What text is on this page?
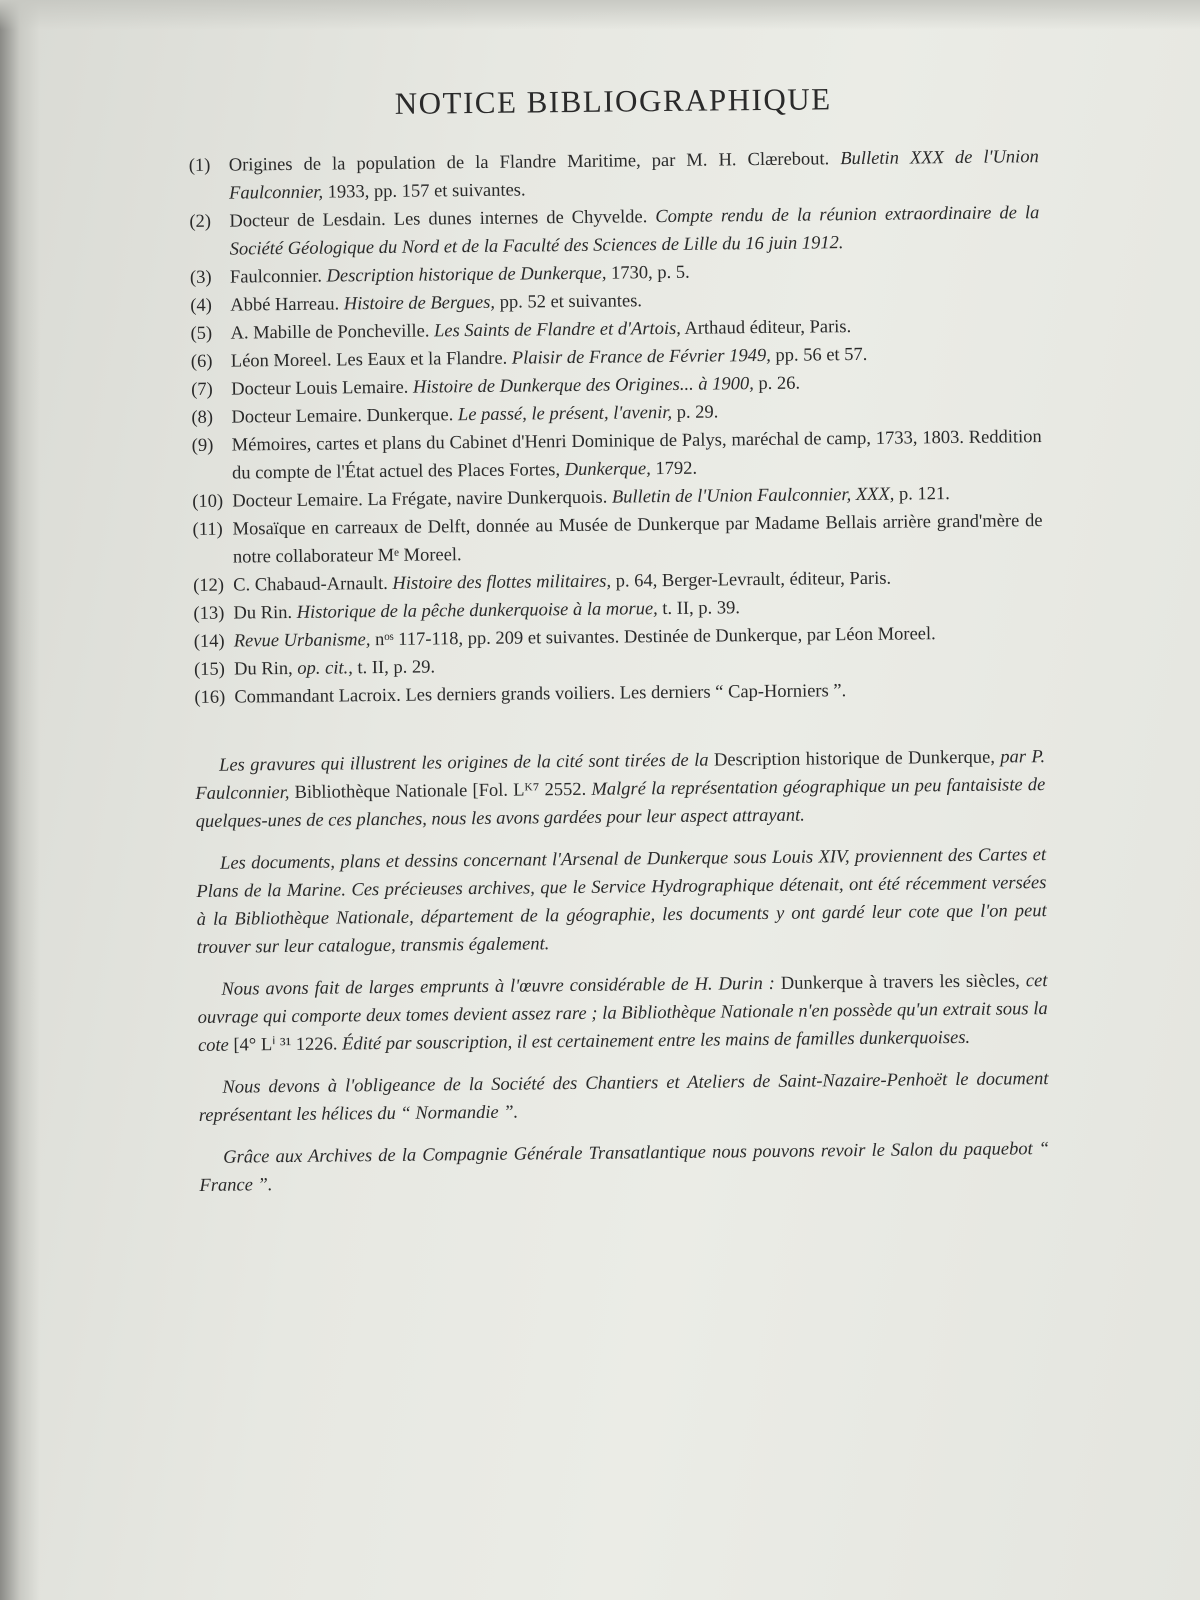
NOTICE BIBLIOGRAPHIQUE
(1) Origines de la population de la Flandre Maritime, par M. H. Clærebout. Bulletin XXX de l'Union Faulconnier, 1933, pp. 157 et suivantes.
(2) Docteur de Lesdain. Les dunes internes de Chyvelde. Compte rendu de la réunion extraordinaire de la Société Géologique du Nord et de la Faculté des Sciences de Lille du 16 juin 1912.
(3) Faulconnier. Description historique de Dunkerque, 1730, p. 5.
(4) Abbé Harreau. Histoire de Bergues, pp. 52 et suivantes.
(5) A. Mabille de Poncheville. Les Saints de Flandre et d'Artois, Arthaud éditeur, Paris.
(6) Léon Moreel. Les Eaux et la Flandre. Plaisir de France de Février 1949, pp. 56 et 57.
(7) Docteur Louis Lemaire. Histoire de Dunkerque des Origines... à 1900, p. 26.
(8) Docteur Lemaire. Dunkerque. Le passé, le présent, l'avenir, p. 29.
(9) Mémoires, cartes et plans du Cabinet d'Henri Dominique de Palys, maréchal de camp, 1733, 1803. Reddition du compte de l'État actuel des Places Fortes, Dunkerque, 1792.
(10) Docteur Lemaire. La Frégate, navire Dunkerquois. Bulletin de l'Union Faulconnier, XXX, p. 121.
(11) Mosaïque en carreaux de Delft, donnée au Musée de Dunkerque par Madame Bellais arrière grand'mère de notre collaborateur Mᵉ Moreel.
(12) C. Chabaud-Arnault. Histoire des flottes militaires, p. 64, Berger-Levrault, éditeur, Paris.
(13) Du Rin. Historique de la pêche dunkerquoise à la morue, t. II, p. 39.
(14) Revue Urbanisme, nᵒˢ 117-118, pp. 209 et suivantes. Destinée de Dunkerque, par Léon Moreel.
(15) Du Rin, op. cit., t. II, p. 29.
(16) Commandant Lacroix. Les derniers grands voiliers. Les derniers “ Cap-Horniers ”.

Les gravures qui illustrent les origines de la cité sont tirées de la Description historique de Dunkerque, par P. Faulconnier, Bibliothèque Nationale [Fol. Lᴷ⁷ 2552. Malgré la représentation géographique un peu fantaisiste de quelques-unes de ces planches, nous les avons gardées pour leur aspect attrayant.

Les documents, plans et dessins concernant l'Arsenal de Dunkerque sous Louis XIV, proviennent des Cartes et Plans de la Marine. Ces précieuses archives, que le Service Hydrographique détenait, ont été récemment versées à la Bibliothèque Nationale, département de la géographie, les documents y ont gardé leur cote que l'on peut trouver sur leur catalogue, transmis également.

Nous avons fait de larges emprunts à l'œuvre considérable de H. Durin : Dunkerque à travers les siècles, cet ouvrage qui comporte deux tomes devient assez rare ; la Bibliothèque Nationale n'en possède qu'un extrait sous la cote [4° Lⁱ ³¹ 1226. Édité par souscription, il est certainement entre les mains de familles dunkerquoises.

Nous devons à l'obligeance de la Société des Chantiers et Ateliers de Saint-Nazaire-Penhoët le document représentant les hélices du “ Normandie ”.

Grâce aux Archives de la Compagnie Générale Transatlantique nous pouvons revoir le Salon du paquebot “ France ”.
